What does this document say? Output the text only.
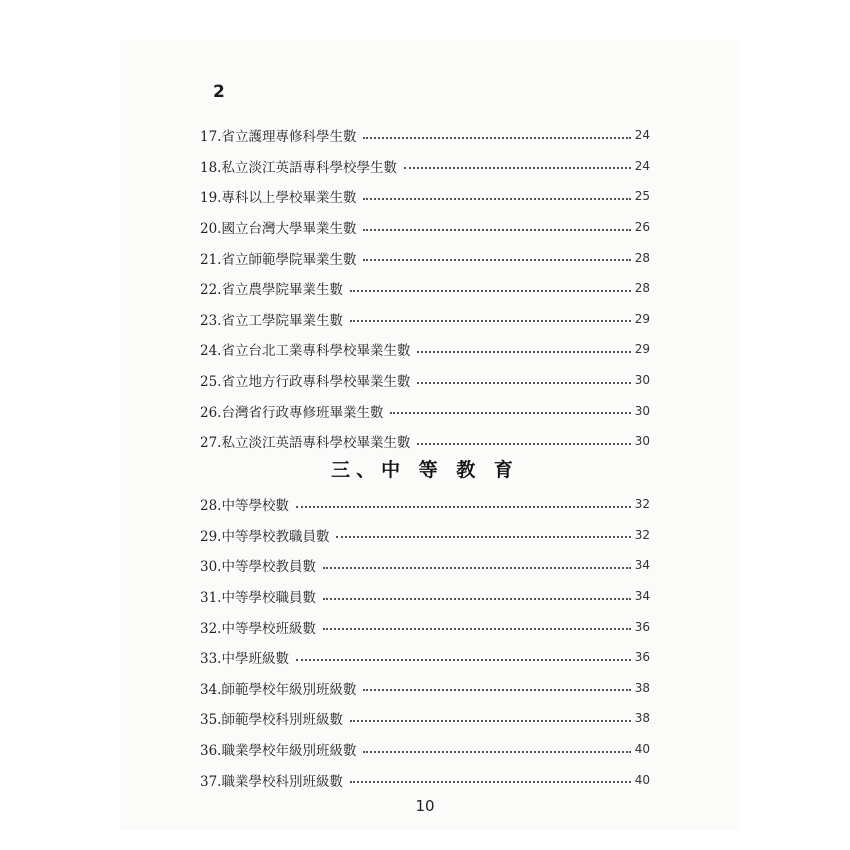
2
17.省立護理專修科學生數	24
18.私立淡江英語專科學校學生數	24
19.專科以上學校畢業生數	25
20.國立台灣大學畢業生數	26
21.省立師範學院畢業生數	28
22.省立農學院畢業生數	28
23.省立工學院畢業生數	29
24.省立台北工業專科學校畢業生數	29
25.省立地方行政專科學校畢業生數	30
26.台灣省行政專修班畢業生數	30
27.私立淡江英語專科學校畢業生數	30
三、中 等 教 育
28.中等學校數	32
29.中等學校教職員數	32
30.中等學校教員數	34
31.中等學校職員數	34
32.中等學校班級數	36
33.中學班級數	36
34.師範學校年級別班級數	38
35.師範學校科別班級數	38
36.職業學校年級別班級數	40
37.職業學校科別班級數	40
10
